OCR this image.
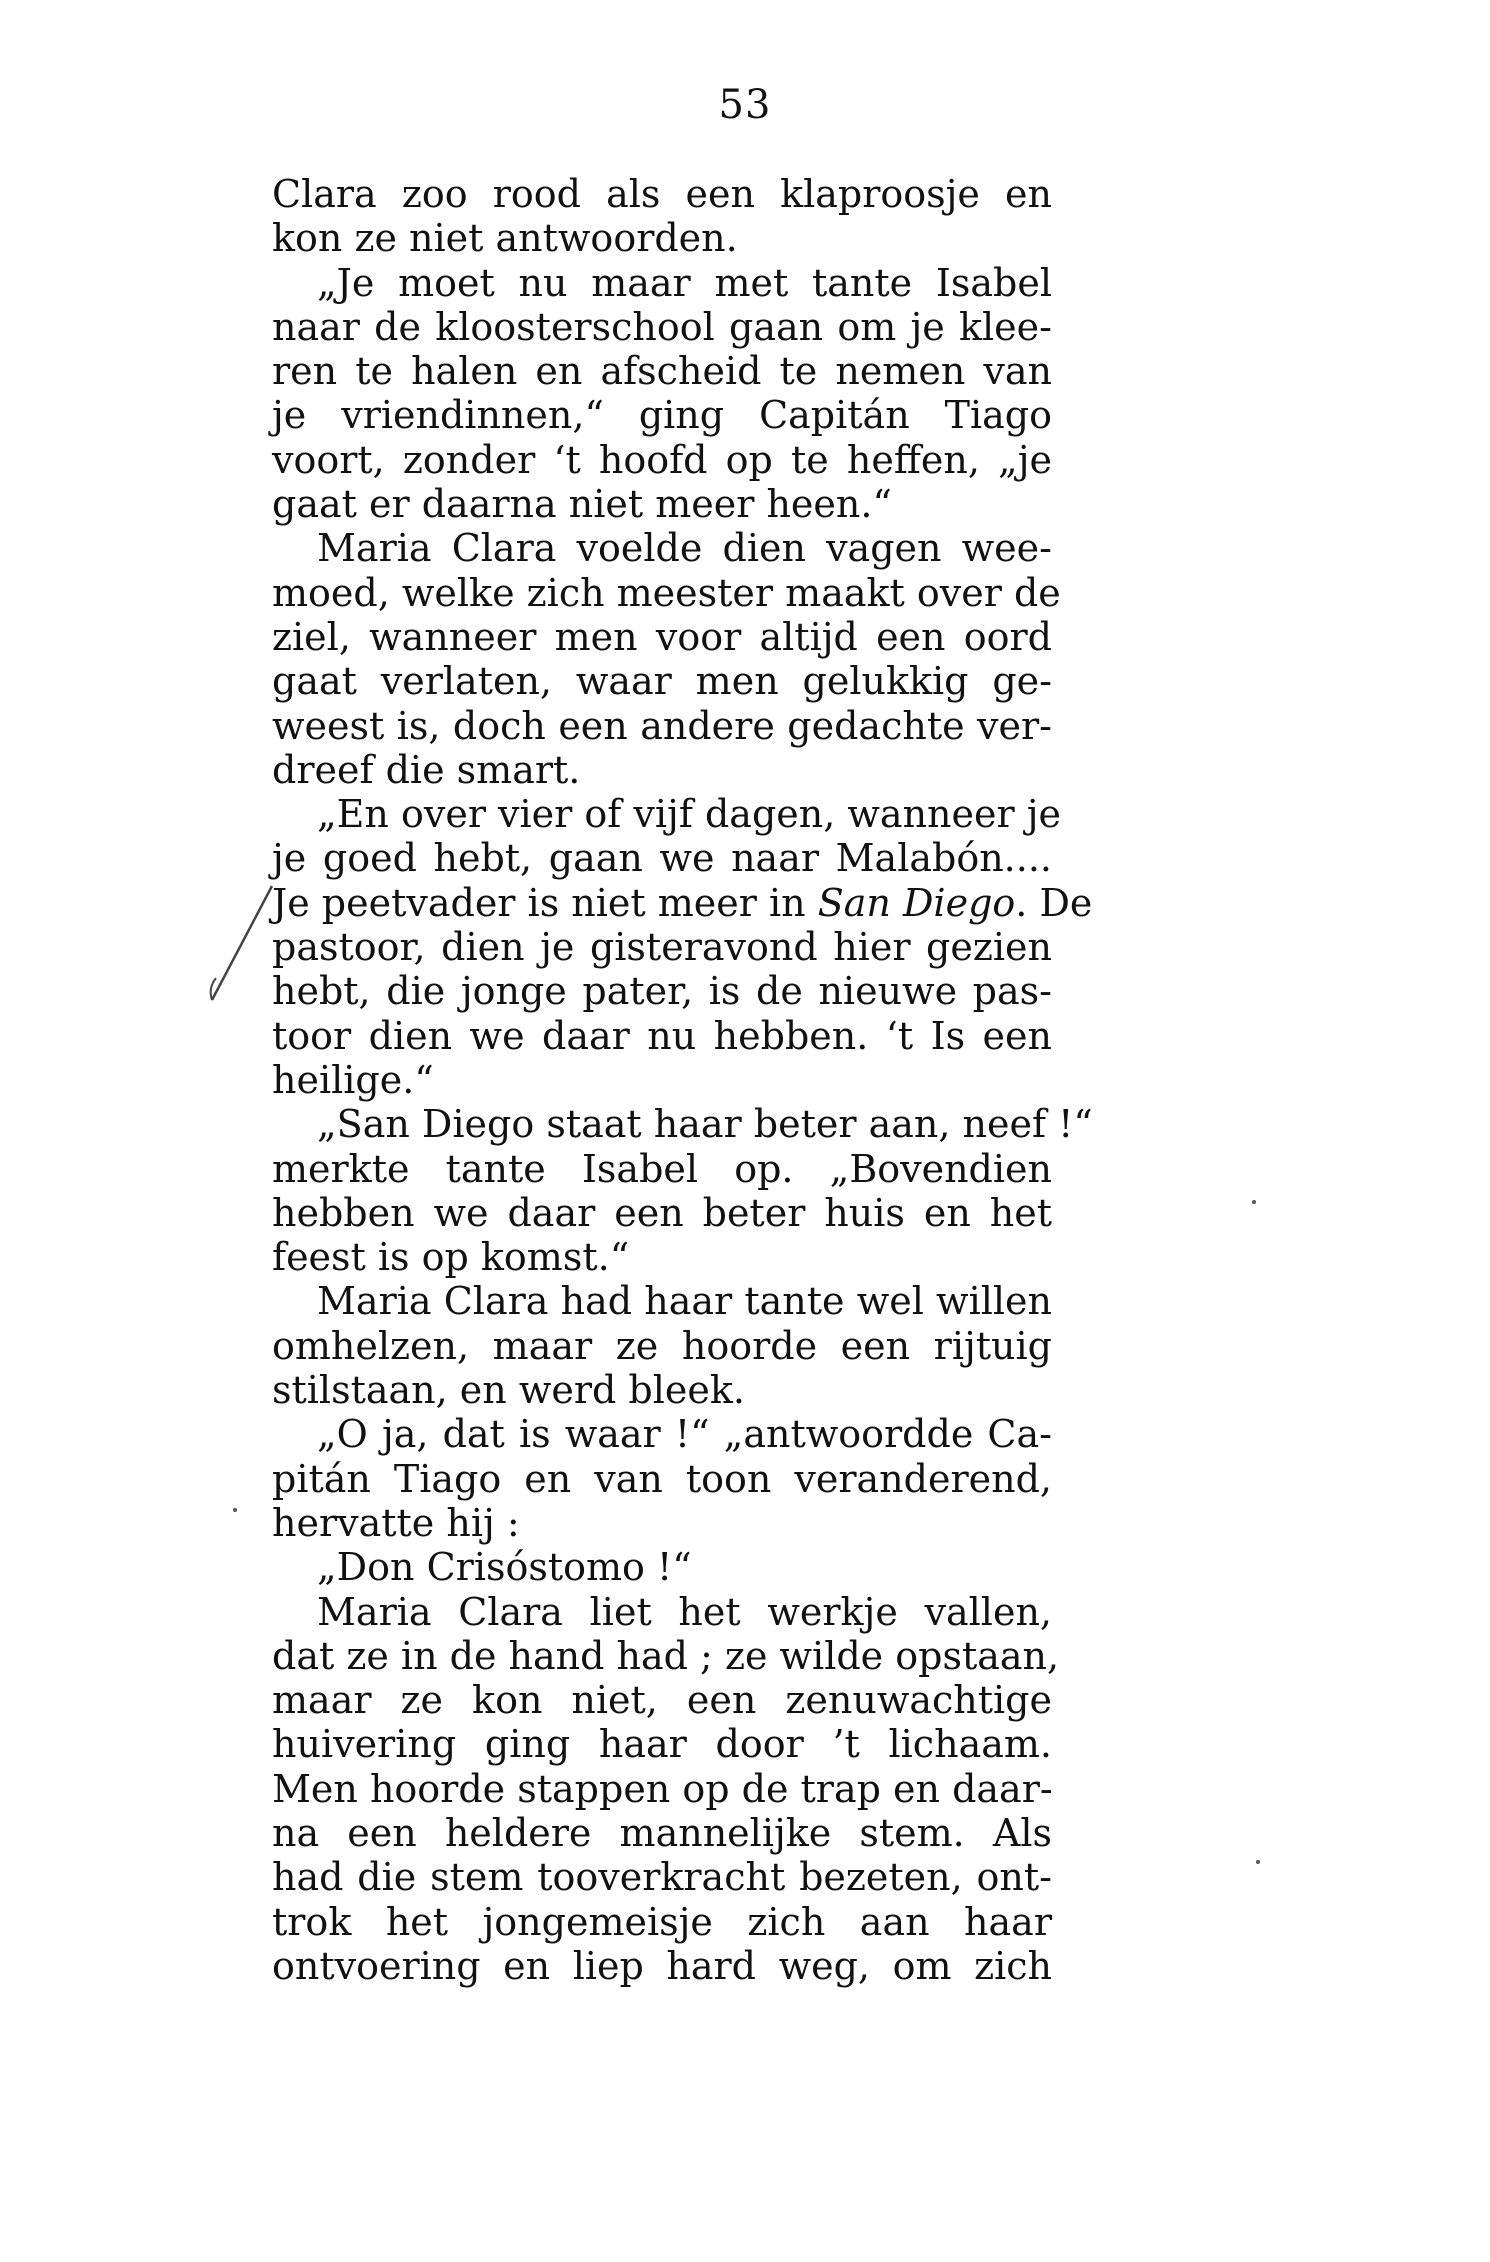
53
Clara zoo rood als een klaproosje en
kon ze niet antwoorden.
„Je moet nu maar met tante Isabel
naar de kloosterschool gaan om je klee-
ren te halen en afscheid te nemen van
je vriendinnen,“ ging Capitán Tiago
voort, zonder ‘t hoofd op te heffen, „je
gaat er daarna niet meer heen.“
Maria Clara voelde dien vagen wee-
moed, welke zich meester maakt over de
ziel, wanneer men voor altijd een oord
gaat verlaten, waar men gelukkig ge-
weest is, doch een andere gedachte ver-
dreef die smart.
„En over vier of vijf dagen, wanneer je
je goed hebt, gaan we naar Malabón....
Je peetvader is niet meer in San Diego. De
pastoor, dien je gisteravond hier gezien
hebt, die jonge pater, is de nieuwe pas-
toor dien we daar nu hebben. ‘t Is een
heilige.“
„San Diego staat haar beter aan, neef !“
merkte tante Isabel op. „Bovendien
hebben we daar een beter huis en het
feest is op komst.“
Maria Clara had haar tante wel willen
omhelzen, maar ze hoorde een rijtuig
stilstaan, en werd bleek.
„O ja, dat is waar !“ „antwoordde Ca-
pitán Tiago en van toon veranderend,
hervatte hij :
„Don Crisóstomo !“
Maria Clara liet het werkje vallen,
dat ze in de hand had ; ze wilde opstaan,
maar ze kon niet, een zenuwachtige
huivering ging haar door ’t lichaam.
Men hoorde stappen op de trap en daar-
na een heldere mannelijke stem. Als
had die stem tooverkracht bezeten, ont-
trok het jongemeisje zich aan haar
ontvoering en liep hard weg, om zich
